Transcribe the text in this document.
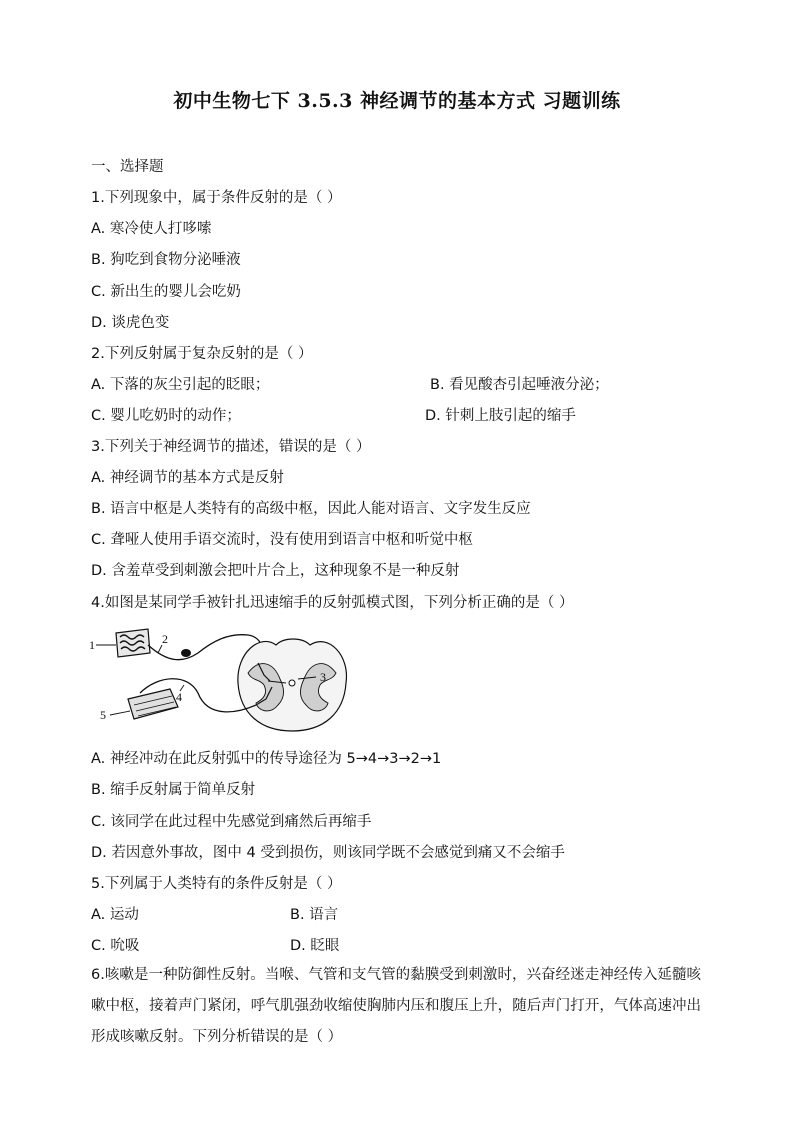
初中生物七下 3.5.3 神经调节的基本方式 习题训练
一、选择题
1.下列现象中，属于条件反射的是（ ）
A. 寒冷使人打哆嗦
B. 狗吃到食物分泌唾液
C. 新出生的婴儿会吃奶
D. 谈虎色变
2.下列反射属于复杂反射的是（ ）
A. 下落的灰尘引起的眨眼；	B. 看见酸杏引起唾液分泌；
C. 婴儿吃奶时的动作；	D. 针刺上肢引起的缩手
3.下列关于神经调节的描述，错误的是（ ）
A. 神经调节的基本方式是反射
B. 语言中枢是人类特有的高级中枢，因此人能对语言、文字发生反应
C. 聋哑人使用手语交流时，没有使用到语言中枢和听觉中枢
D. 含羞草受到刺激会把叶片合上，这种现象不是一种反射
4.如图是某同学手被针扎迅速缩手的反射弧模式图，下列分析正确的是（ ）
1	2
3
4
5
A. 神经冲动在此反射弧中的传导途径为 5→4→3→2→1
B. 缩手反射属于简单反射
C. 该同学在此过程中先感觉到痛然后再缩手
D. 若因意外事故，图中 4 受到损伤，则该同学既不会感觉到痛又不会缩手
5.下列属于人类特有的条件反射是（ ）
A. 运动	B. 语言
C. 吮吸	D. 眨眼
6.咳嗽是一种防御性反射。当喉、气管和支气管的黏膜受到刺激时，兴奋经迷走神经传入延髓咳嗽中枢，接着声门紧闭，呼气肌强劲收缩使胸肺内压和腹压上升，随后声门打开，气体高速冲出形成咳嗽反射。下列分析错误的是（ ）
